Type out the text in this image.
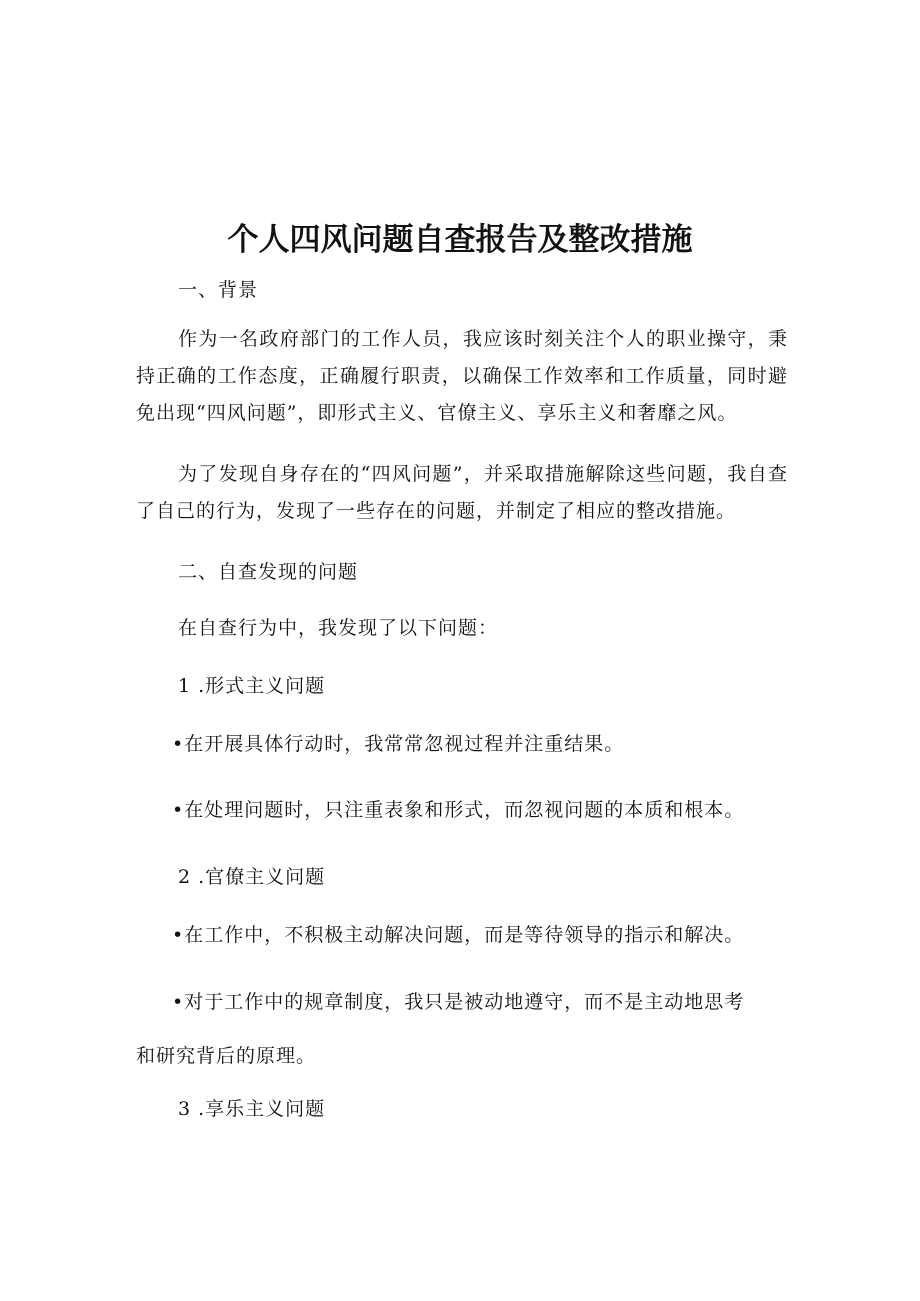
个人四风问题自查报告及整改措施

一、背景

作为一名政府部门的工作人员，我应该时刻关注个人的职业操守，秉持正确的工作态度，正确履行职责，以确保工作效率和工作质量，同时避免出现“四风问题”，即形式主义、官僚主义、享乐主义和奢靡之风。

为了发现自身存在的“四风问题”，并采取措施解除这些问题，我自查了自己的行为，发现了一些存在的问题，并制定了相应的整改措施。

二、自查发现的问题

在自查行为中，我发现了以下问题：

1 .形式主义问题

•在开展具体行动时，我常常忽视过程并注重结果。

•在处理问题时，只注重表象和形式，而忽视问题的本质和根本。

2 .官僚主义问题

•在工作中，不积极主动解决问题，而是等待领导的指示和解决。

•对于工作中的规章制度，我只是被动地遵守，而不是主动地思考

和研究背后的原理。

3 .享乐主义问题
